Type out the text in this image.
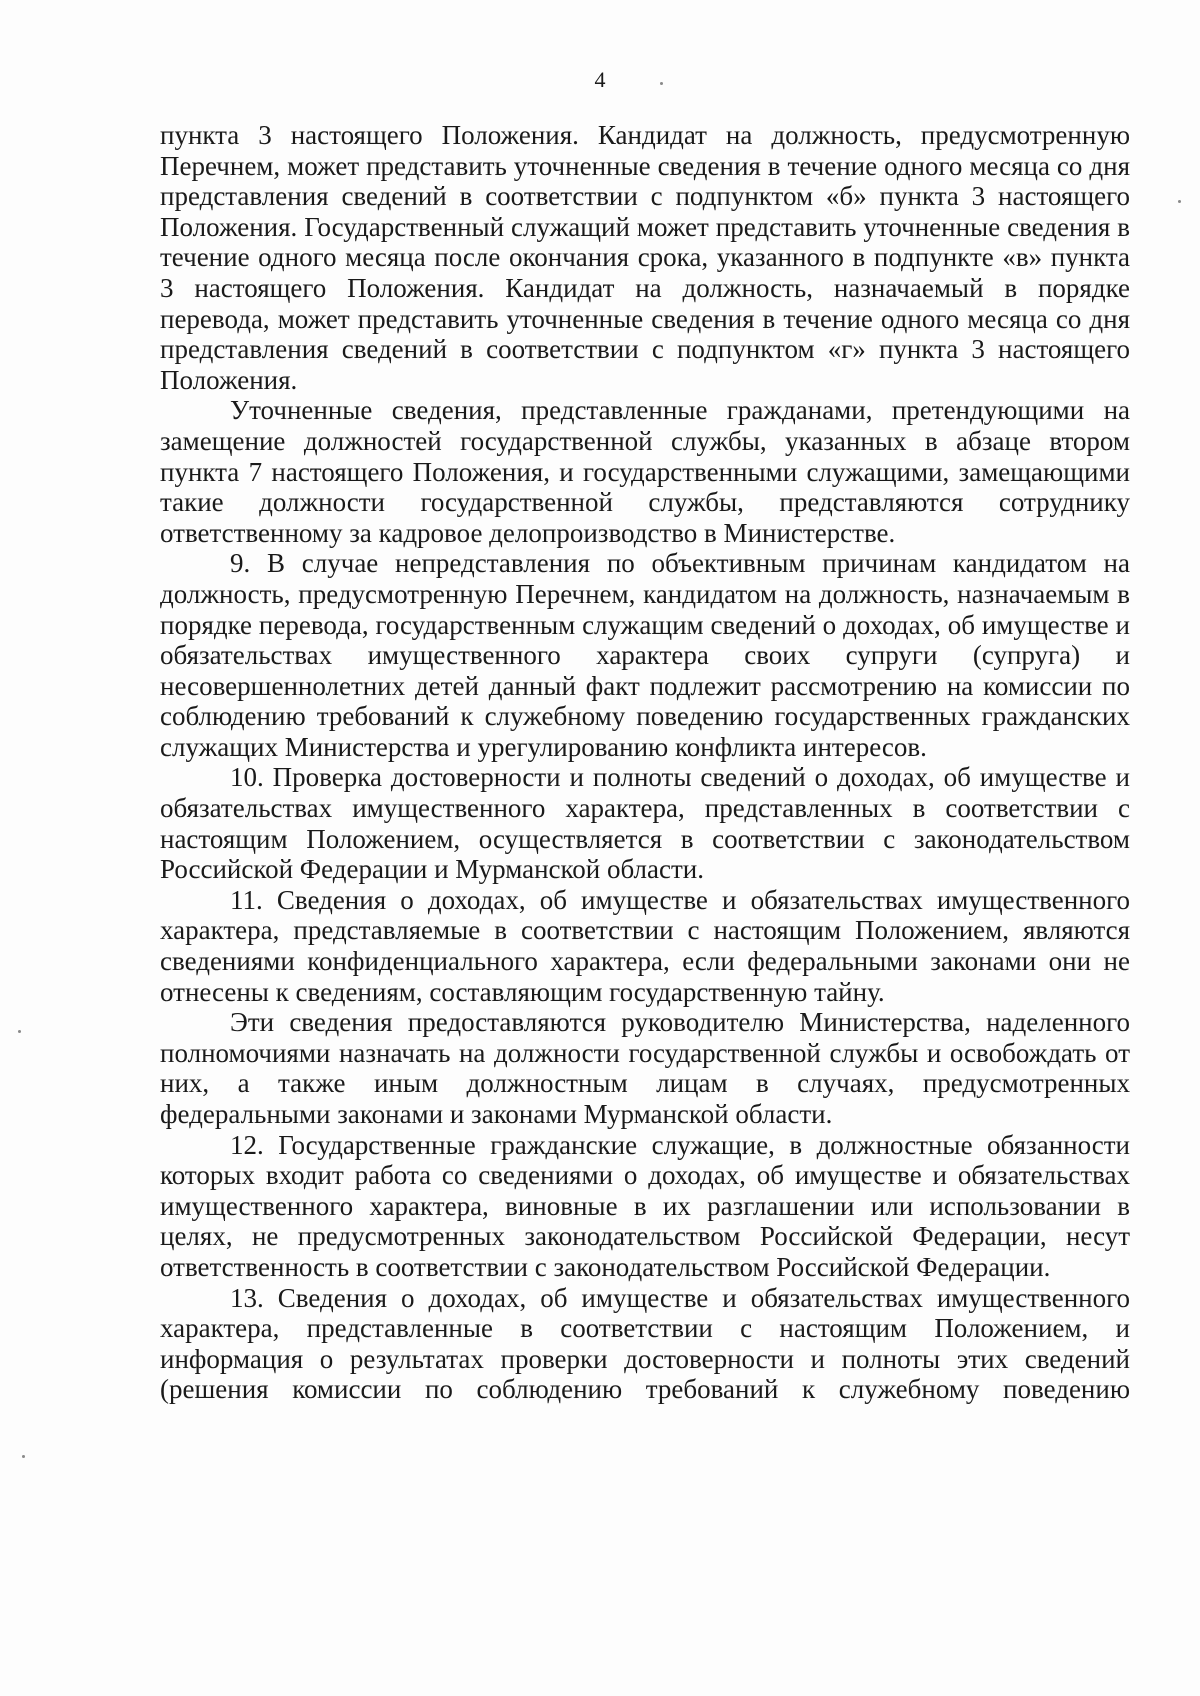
4

пункта 3 настоящего Положения. Кандидат на должность, предусмотренную Перечнем, может представить уточненные сведения в течение одного месяца со дня представления сведений в соответствии с подпунктом «б» пункта 3 настоящего Положения. Государственный служащий может представить уточненные сведения в течение одного месяца после окончания срока, указанного в подпункте «в» пункта 3 настоящего Положения. Кандидат на должность, назначаемый в порядке перевода, может представить уточненные сведения в течение одного месяца со дня представления сведений в соответствии с подпунктом «г» пункта 3 настоящего Положения.

Уточненные сведения, представленные гражданами, претендующими на замещение должностей государственной службы, указанных в абзаце втором пункта 7 настоящего Положения, и государственными служащими, замещающими такие должности государственной службы, представляются сотруднику ответственному за кадровое делопроизводство в Министерстве.

9. В случае непредставления по объективным причинам кандидатом на должность, предусмотренную Перечнем, кандидатом на должность, назначаемым в порядке перевода, государственным служащим сведений о доходах, об имуществе и обязательствах имущественного характера своих супруги (супруга) и несовершеннолетних детей данный факт подлежит рассмотрению на комиссии по соблюдению требований к служебному поведению государственных гражданских служащих Министерства и урегулированию конфликта интересов.

10. Проверка достоверности и полноты сведений о доходах, об имуществе и обязательствах имущественного характера, представленных в соответствии с настоящим Положением, осуществляется в соответствии с законодательством Российской Федерации и Мурманской области.

11. Сведения о доходах, об имуществе и обязательствах имущественного характера, представляемые в соответствии с настоящим Положением, являются сведениями конфиденциального характера, если федеральными законами они не отнесены к сведениям, составляющим государственную тайну.

Эти сведения предоставляются руководителю Министерства, наделенного полномочиями назначать на должности государственной службы и освобождать от них, а также иным должностным лицам в случаях, предусмотренных федеральными законами и законами Мурманской области.

12. Государственные гражданские служащие, в должностные обязанности которых входит работа со сведениями о доходах, об имуществе и обязательствах имущественного характера, виновные в их разглашении или использовании в целях, не предусмотренных законодательством Российской Федерации, несут ответственность в соответствии с законодательством Российской Федерации.

13. Сведения о доходах, об имуществе и обязательствах имущественного характера, представленные в соответствии с настоящим Положением, и информация о результатах проверки достоверности и полноты этих сведений (решения комиссии по соблюдению требований к служебному поведению
